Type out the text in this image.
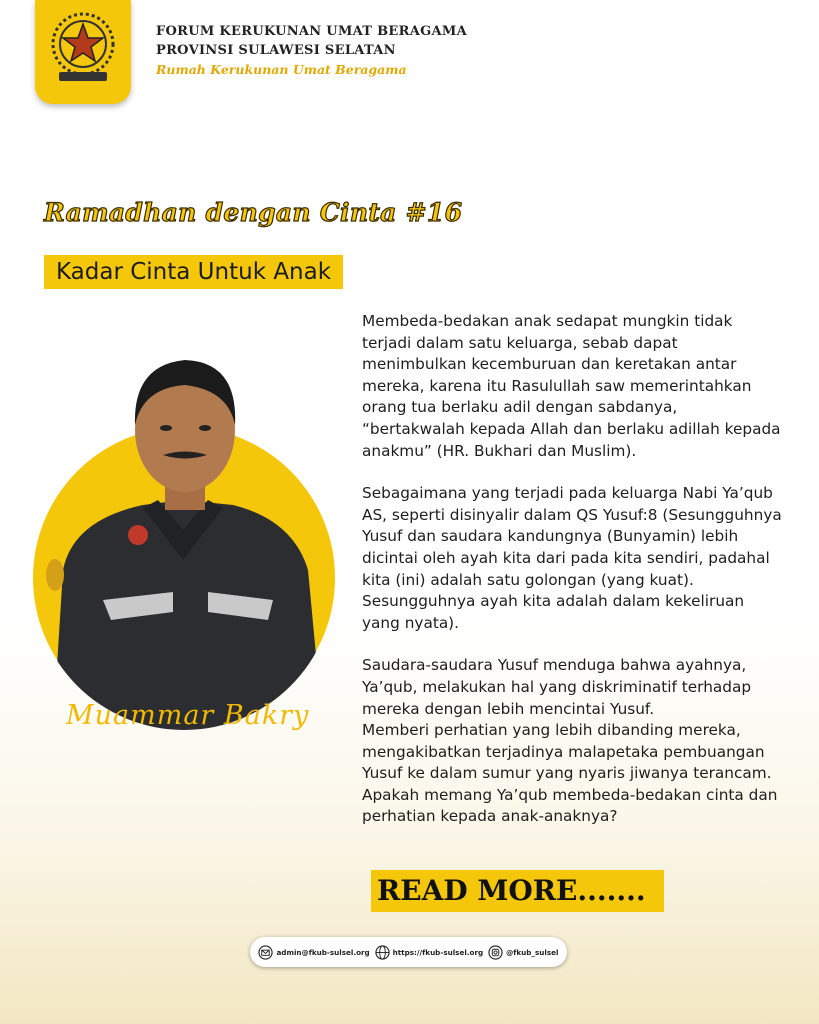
FORUM KERUKUNAN UMAT BERAGAMA
PROVINSI SULAWESI SELATAN
Rumah Kerukunan Umat Beragama
Ramadhan dengan Cinta #16
Kadar Cinta Untuk Anak
Muammar Bakry

Membeda-bedakan anak sedapat mungkin tidak terjadi dalam satu keluarga, sebab dapat menimbulkan kecemburuan dan keretakan antar mereka, karena itu Rasulullah saw memerintahkan orang tua berlaku adil dengan sabdanya, “bertakwalah kepada Allah dan berlaku adillah kepada anakmu” (HR. Bukhari dan Muslim).

Sebagaimana yang terjadi pada keluarga Nabi Ya’qub AS, seperti disinyalir dalam QS Yusuf:8 (Sesungguhnya Yusuf dan saudara kandungnya (Bunyamin) lebih dicintai oleh ayah kita dari pada kita sendiri, padahal kita (ini) adalah satu golongan (yang kuat). Sesungguhnya ayah kita adalah dalam kekeliruan yang nyata).

Saudara-saudara Yusuf menduga bahwa ayahnya, Ya’qub, melakukan hal yang diskriminatif terhadap mereka dengan lebih mencintai Yusuf.
Memberi perhatian yang lebih dibanding mereka, mengakibatkan terjadinya malapetaka pembuangan Yusuf ke dalam sumur yang nyaris jiwanya terancam.
Apakah memang Ya’qub membeda-bedakan cinta dan perhatian kepada anak-anaknya?

READ MORE.......
admin@fkub-sulsel.org	https://fkub-sulsel.org	@fkub_sulsel
